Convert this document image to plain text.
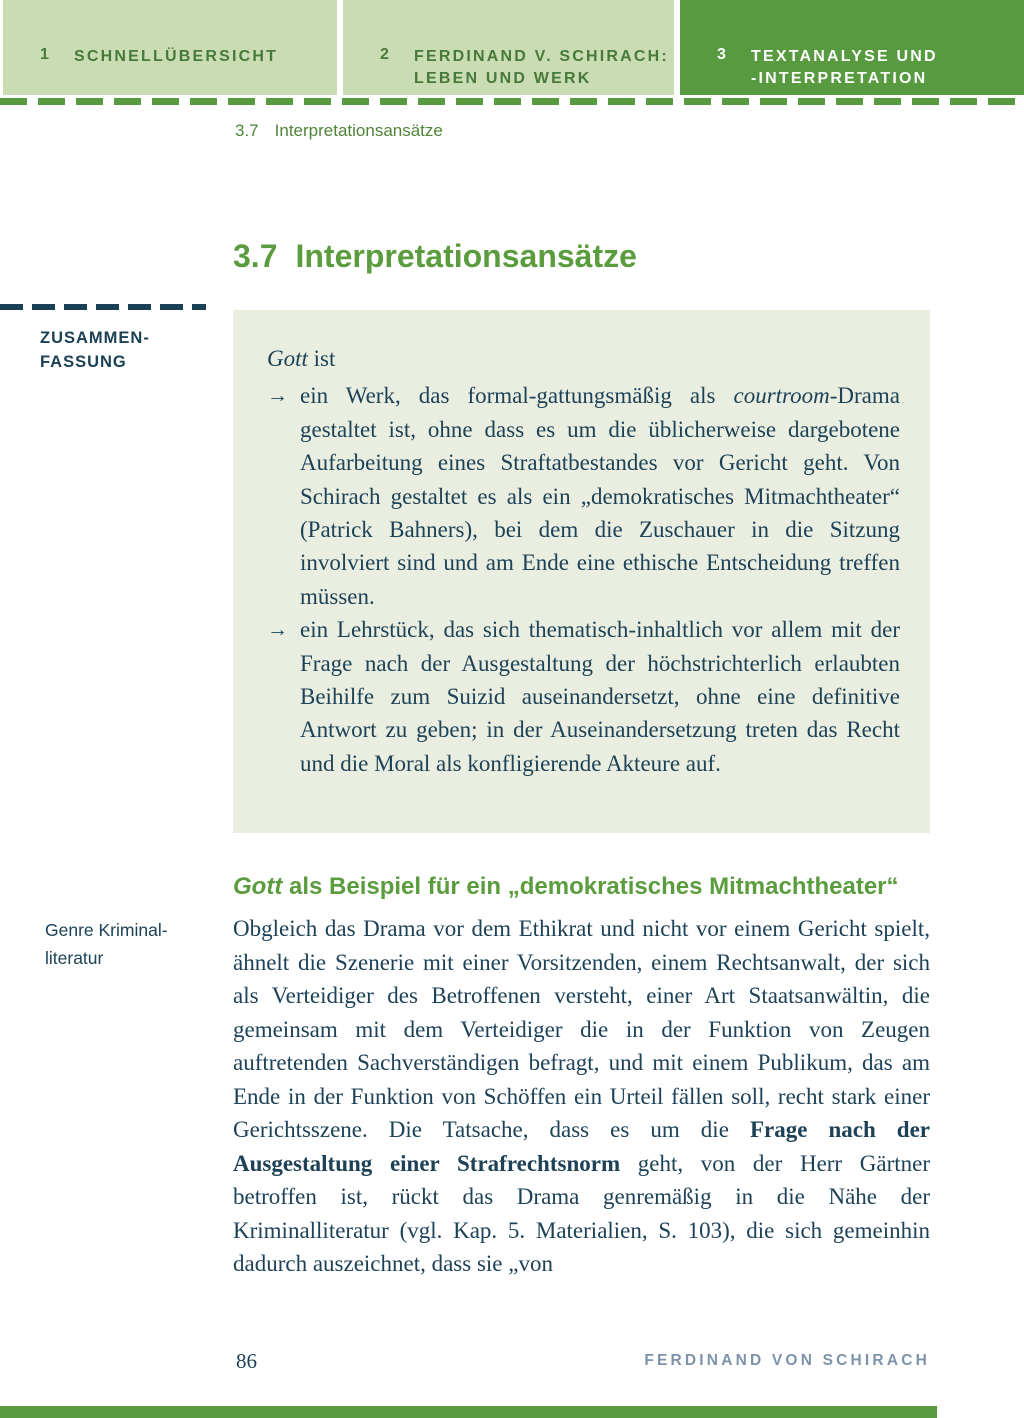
1	SCHNELLÜBERSICHT	2	FERDINAND V. SCHIRACH:
LEBEN UND WERK
3	TEXTANALYSE UND
-INTERPRETATION
3.7 Interpretationsansätze
3.7 Interpretationsansätze
ZUSAMMEN-
FASSUNG	Gott ist
→ ein Werk, das formal-gattungsmäßig als courtroom-Drama gestaltet ist, ohne dass es um die üblicherweise dargebotene Aufarbeitung eines Straftatbestandes vor Gericht geht. Von Schirach gestaltet es als ein „demokratisches Mitmachtheater“ (Patrick Bahners), bei dem die Zuschauer in die Sitzung involviert sind und am Ende eine ethische Entscheidung treffen müssen.
→ ein Lehrstück, das sich thematisch-inhaltlich vor allem mit der Frage nach der Ausgestaltung der höchstrichterlich erlaubten Beihilfe zum Suizid auseinandersetzt, ohne eine definitive Antwort zu geben; in der Auseinandersetzung treten das Recht und die Moral als konfligierende Akteure auf.
Gott als Beispiel für ein „demokratisches Mitmachtheater“
Genre Kriminal-
literatur

Obgleich das Drama vor dem Ethikrat und nicht vor einem Gericht spielt, ähnelt die Szenerie mit einer Vorsitzenden, einem Rechtsanwalt, der sich als Verteidiger des Betroffenen versteht, einer Art Staatsanwältin, die gemeinsam mit dem Verteidiger die in der Funktion von Zeugen auftretenden Sachverständigen befragt, und mit einem Publikum, das am Ende in der Funktion von Schöffen ein Urteil fällen soll, recht stark einer Gerichtsszene. Die Tatsache, dass es um die Frage nach der Ausgestaltung einer Strafrechtsnorm geht, von der Herr Gärtner betroffen ist, rückt das Drama genremäßig in die Nähe der Kriminalliteratur (vgl. Kap. 5. Materialien, S. 103), die sich gemeinhin dadurch auszeichnet, dass sie „von

86	FERDINAND VON SCHIRACH
